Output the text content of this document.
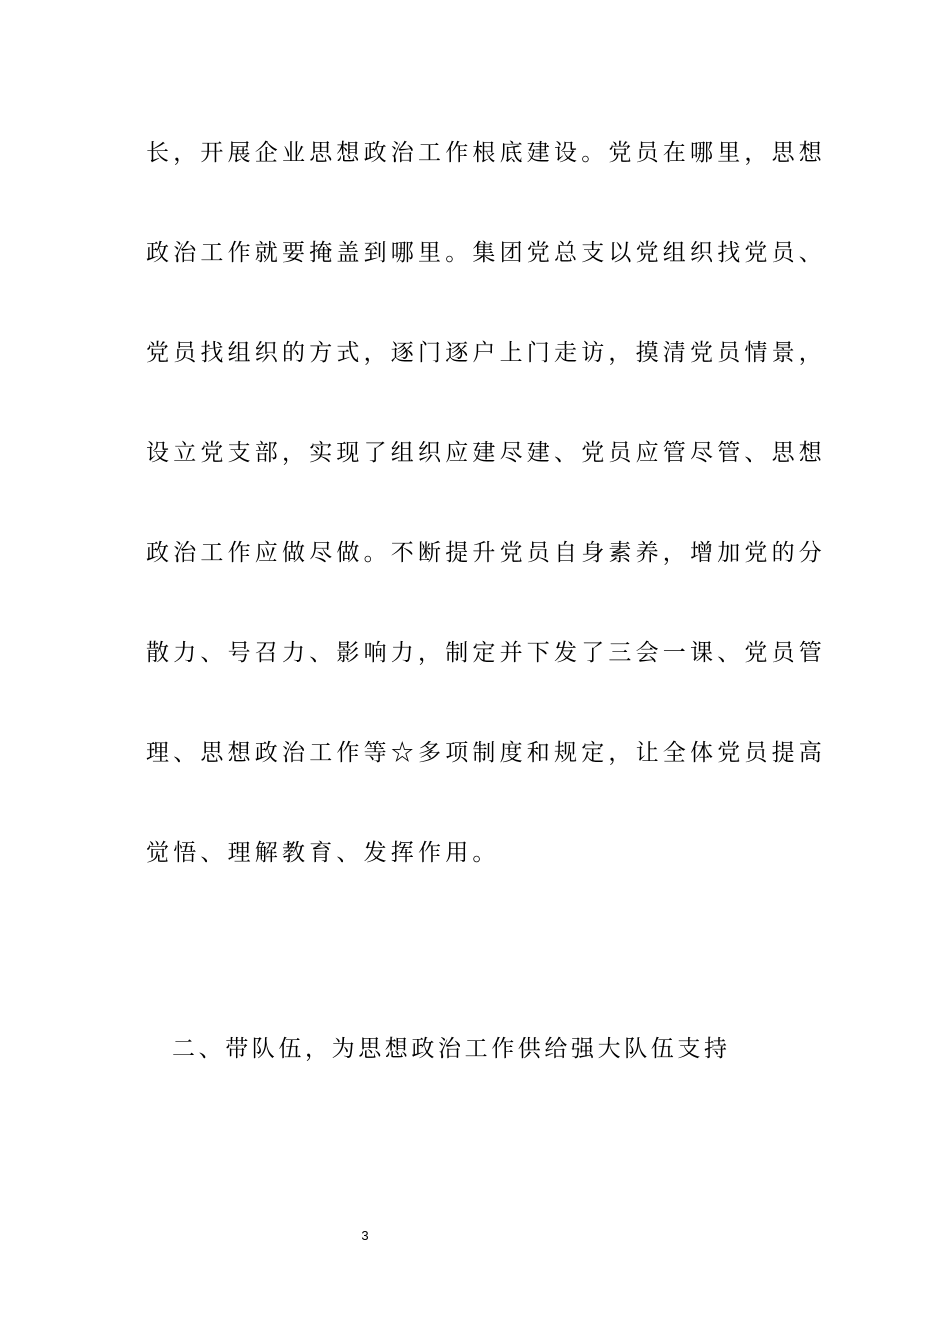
长，开展企业思想政治工作根底建设。党员在哪里，思想
政治工作就要掩盖到哪里。集团党总支以党组织找党员、
党员找组织的方式，逐门逐户上门走访，摸清党员情景，
设立党支部，实现了组织应建尽建、党员应管尽管、思想
政治工作应做尽做。不断提升党员自身素养，增加党的分
散力、号召力、影响力，制定并下发了三会一课、党员管
理、思想政治工作等☆多项制度和规定，让全体党员提高
觉悟、理解教育、发挥作用。
二、带队伍，为思想政治工作供给强大队伍支持
3
